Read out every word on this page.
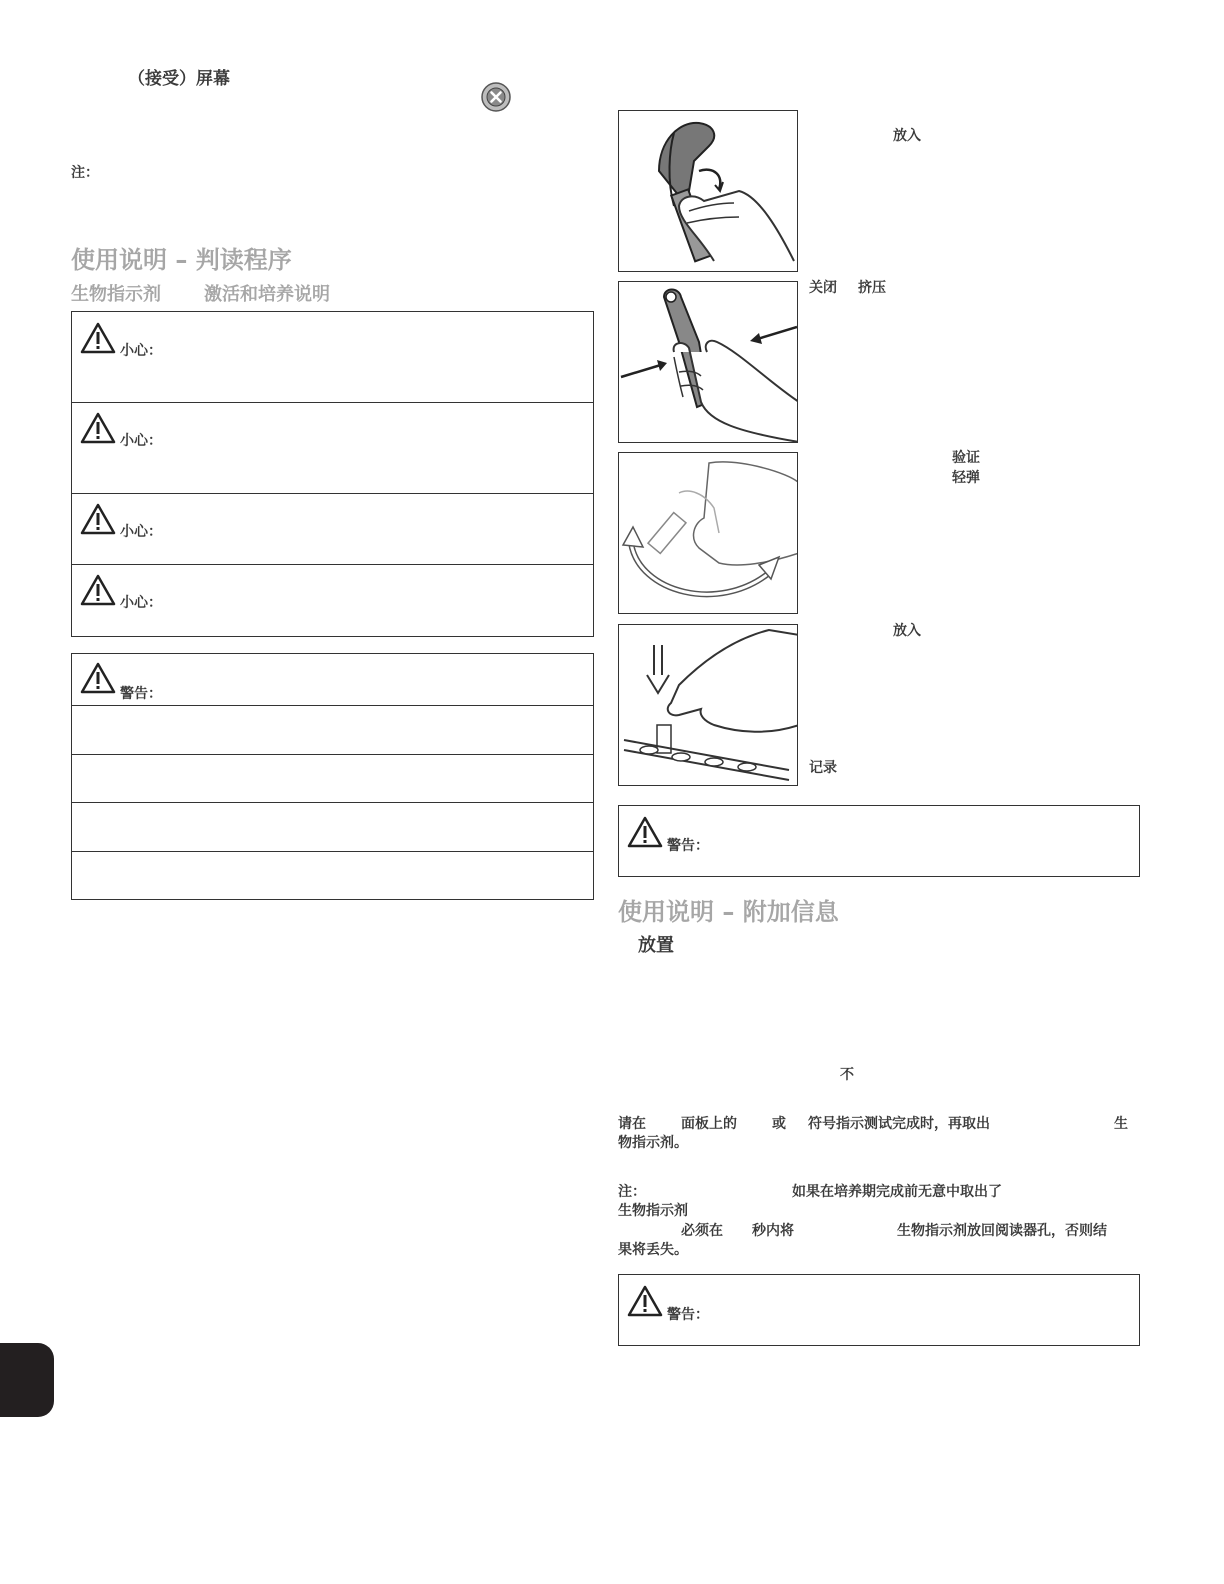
（接受）屏幕
注：
使用说明 – 判读程序
生物指示剂 激活和培养说明
小心：
小心：
小心：
小心：
警告：
放入
关闭 挤压
验证
轻弹
放入
记录
警告：
使用说明 – 附加信息
放置
不
请在	面板上的	或 符号指示测试完成时，再取出	生
物指示剂。
注：	如果在培养期完成前无意中取出了
生物指示剂
必须在 秒内将	生物指示剂放回阅读器孔，否则结
果将丢失。
警告：
